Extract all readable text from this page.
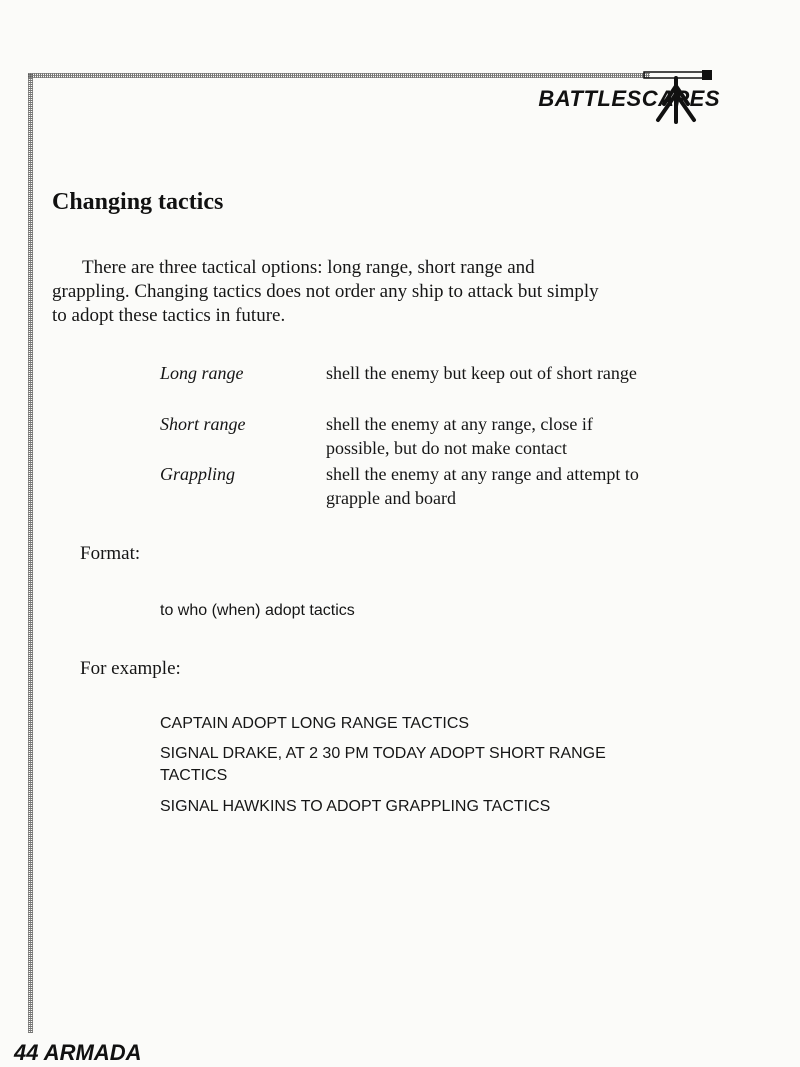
BATTLESCAPES
Changing tactics

There are three tactical options: long range, short range and grappling. Changing tactics does not order any ship to attack but simply to adopt these tactics in future.

Long range	shell the enemy but keep out of short range
Short range	shell the enemy at any range, close if possible, but do not make contact
Grappling	shell the enemy at any range and attempt to grapple and board
Format:
to who (when) adopt tactics
For example:
CAPTAIN ADOPT LONG RANGE TACTICS
SIGNAL DRAKE, AT 2 30 PM TODAY ADOPT SHORT RANGE TACTICS
SIGNAL HAWKINS TO ADOPT GRAPPLING TACTICS
44 ARMADA
